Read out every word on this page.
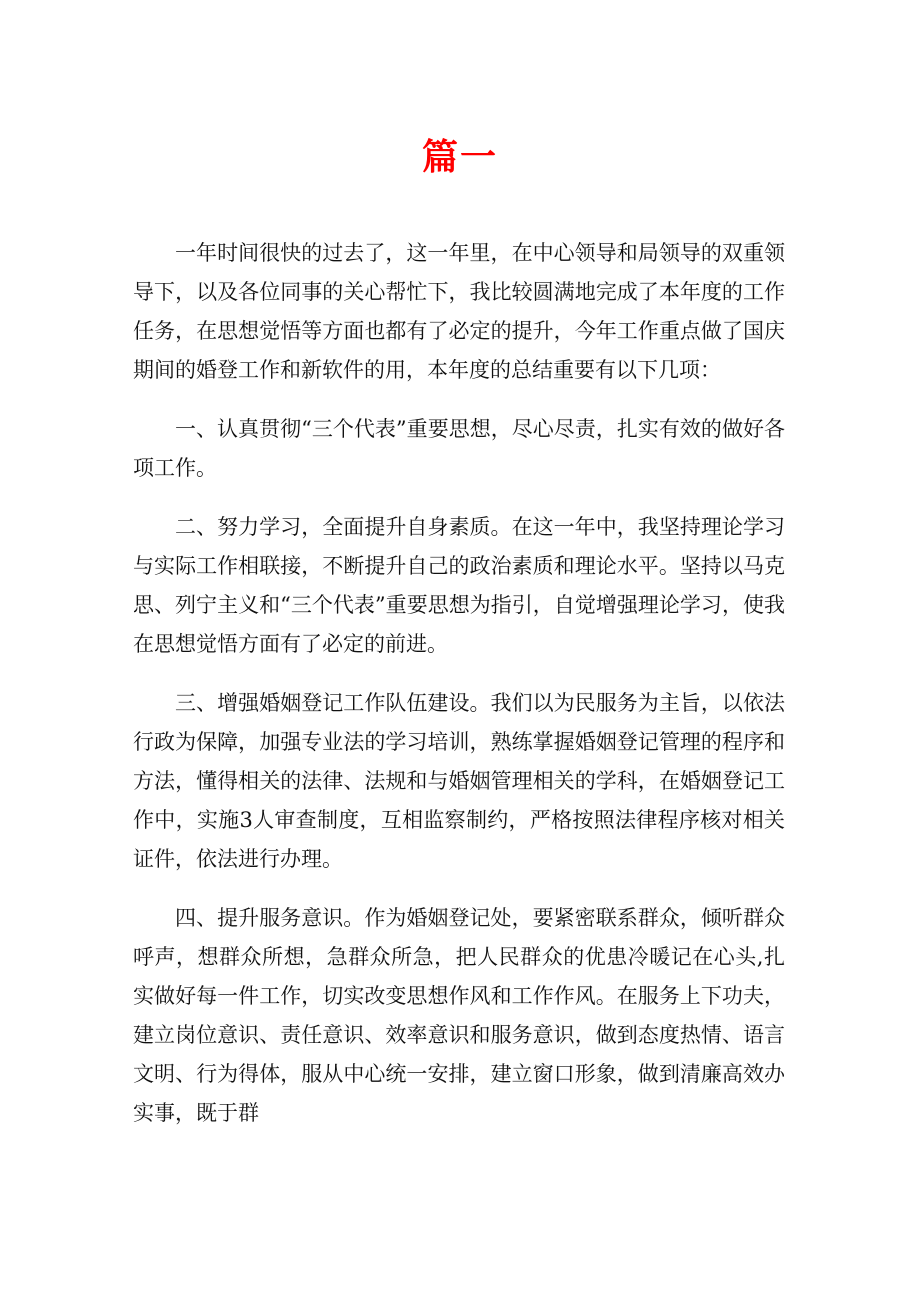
篇一

一年时间很快的过去了，这一年里，在中心领导和局领导的双重领导下，以及各位同事的关心帮忙下，我比较圆满地完成了本年度的工作任务，在思想觉悟等方面也都有了必定的提升，今年工作重点做了国庆期间的婚登工作和新软件的用，本年度的总结重要有以下几项：

一、认真贯彻“三个代表”重要思想，尽心尽责，扎实有效的做好各项工作。

二、努力学习，全面提升自身素质。在这一年中，我坚持理论学习与实际工作相联接，不断提升自己的政治素质和理论水平。坚持以马克思、列宁主义和“三个代表”重要思想为指引，自觉增强理论学习，使我在思想觉悟方面有了必定的前进。

三、增强婚姻登记工作队伍建设。我们以为民服务为主旨，以依法行政为保障，加强专业法的学习培训，熟练掌握婚姻登记管理的程序和方法，懂得相关的法律、法规和与婚姻管理相关的学科，在婚姻登记工作中，实施3人审查制度，互相监察制约，严格按照法律程序核对相关证件，依法进行办理。

四、提升服务意识。作为婚姻登记处，要紧密联系群众，倾听群众呼声，想群众所想，急群众所急，把人民群众的优患冷暖记在心头,扎实做好每一件工作，切实改变思想作风和工作作风。在服务上下功夫，建立岗位意识、责任意识、效率意识和服务意识，做到态度热情、语言文明、行为得体，服从中心统一安排，建立窗口形象，做到清廉高效办实事，既于群
